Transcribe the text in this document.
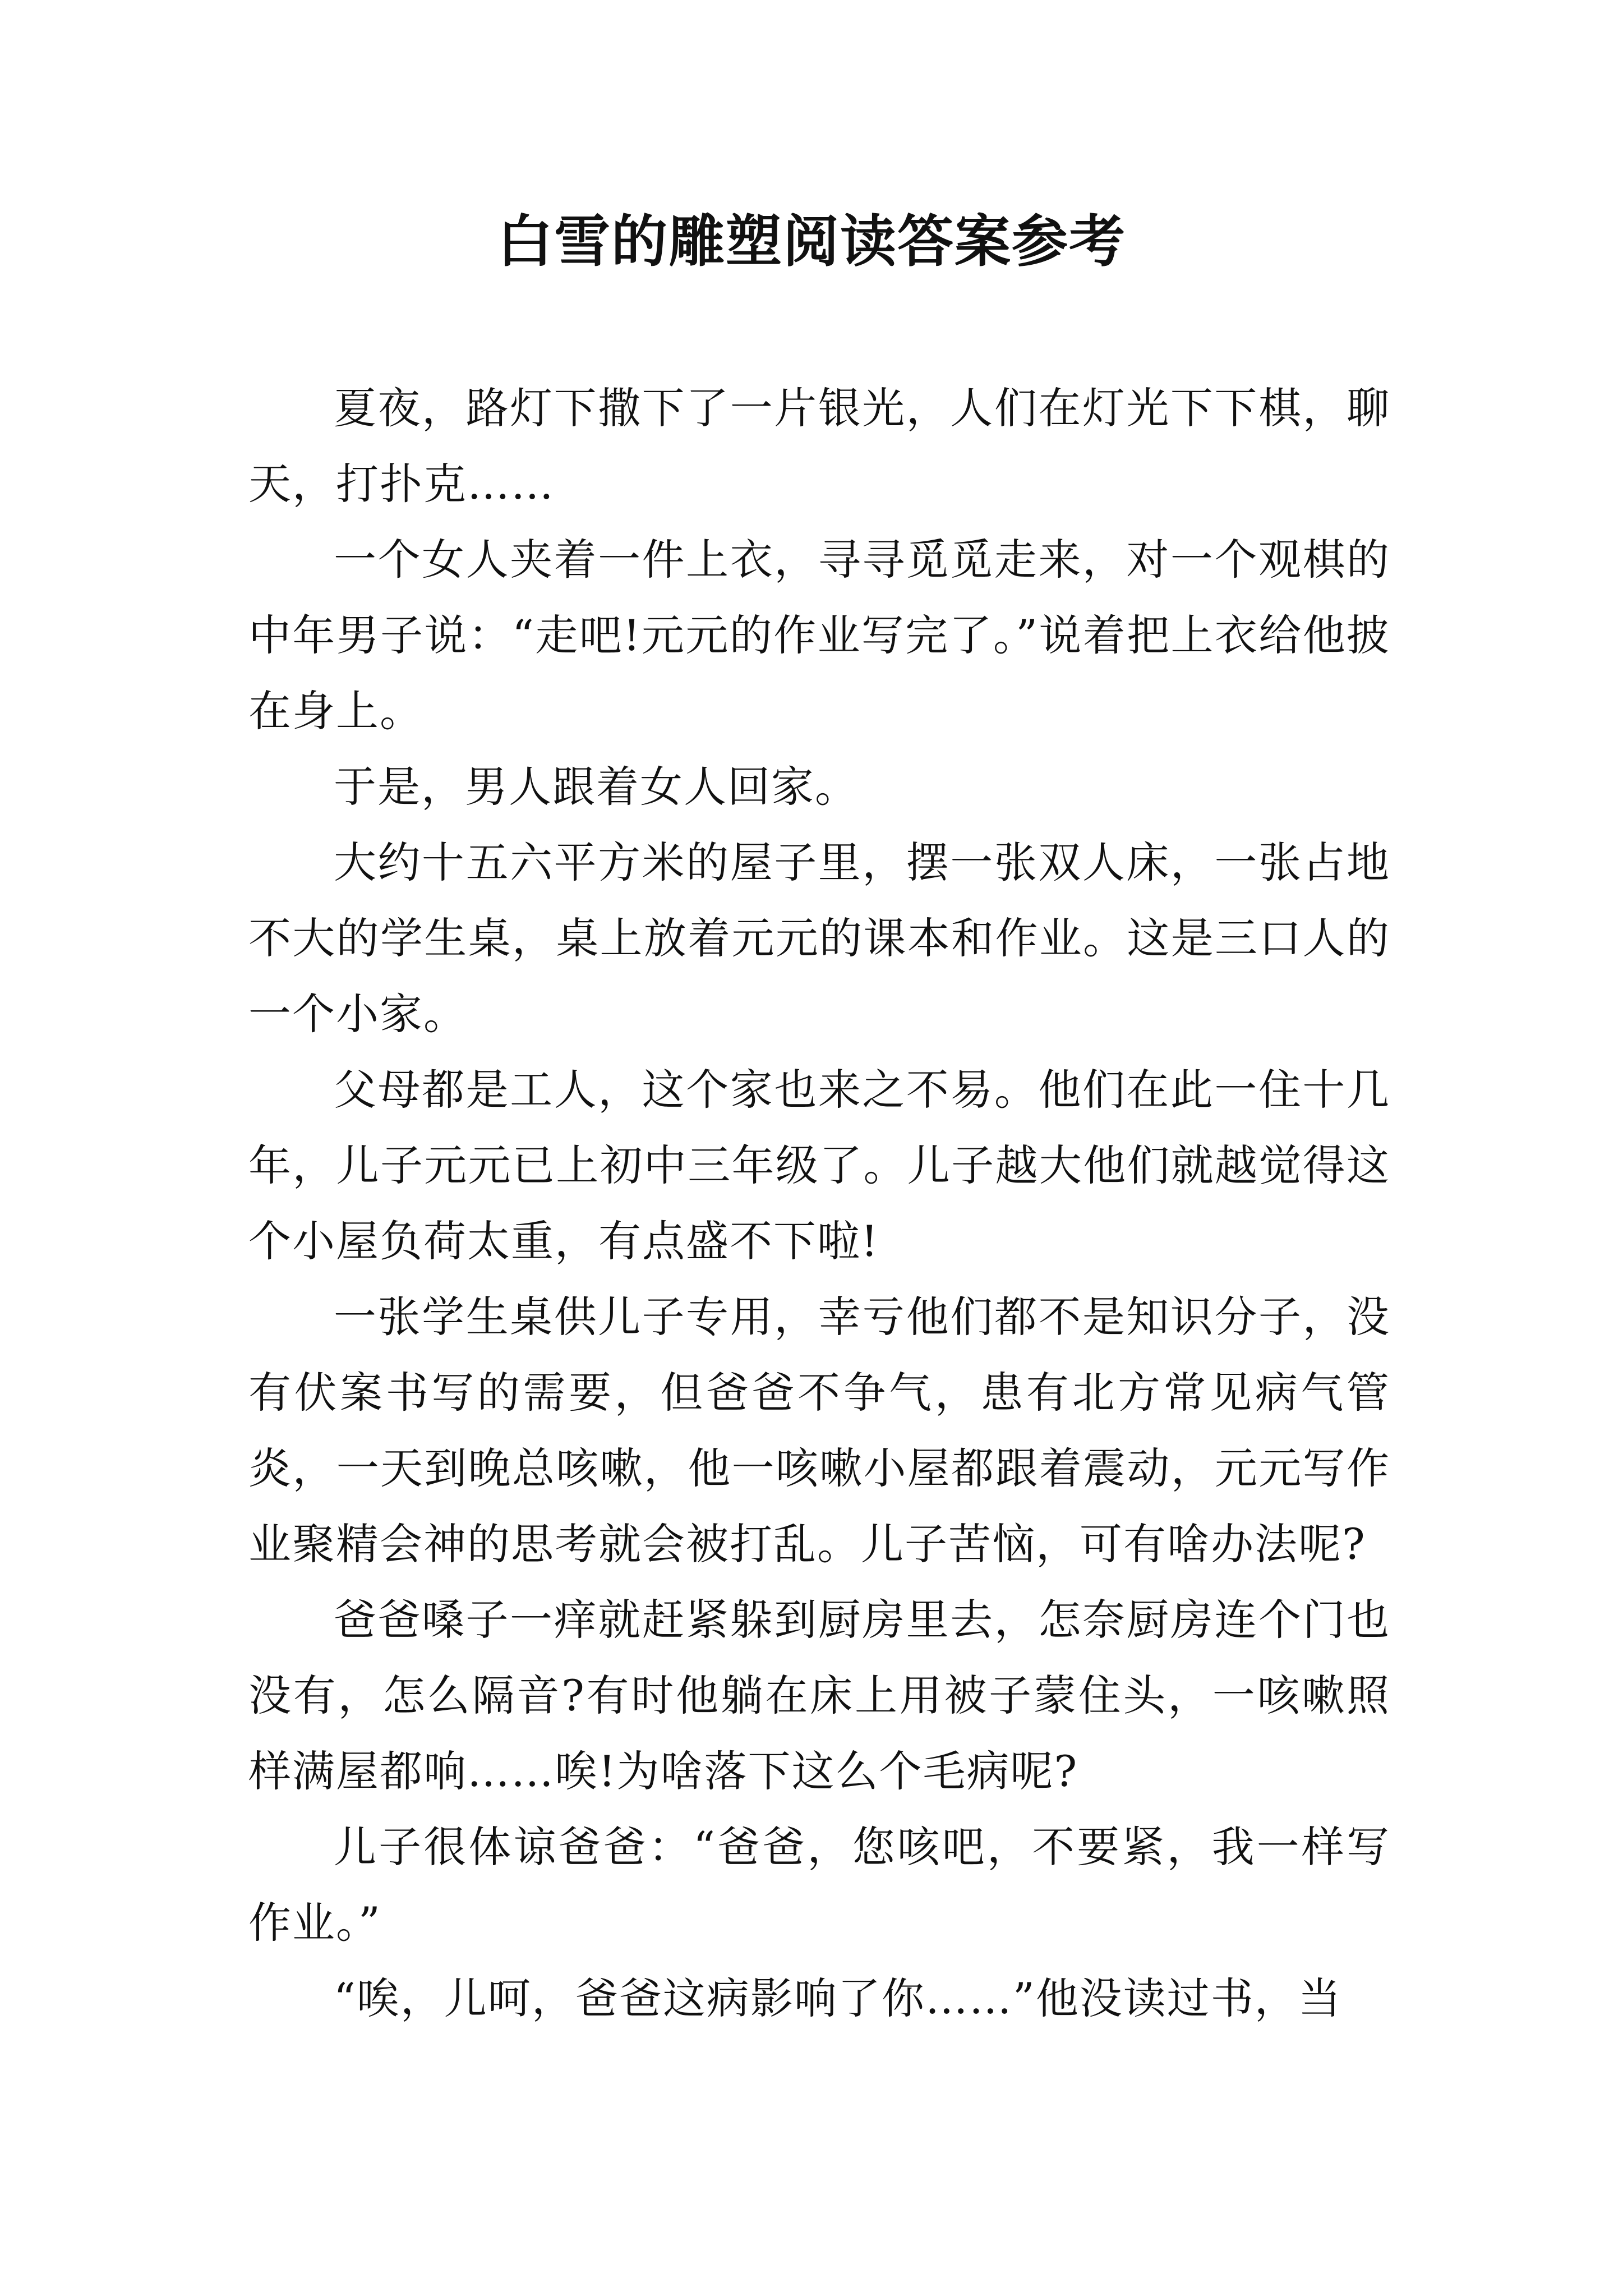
白雪的雕塑阅读答案参考

夏夜，路灯下撒下了一片银光，人们在灯光下下棋，聊天，打扑克……

一个女人夹着一件上衣，寻寻觅觅走来，对一个观棋的中年男子说：“走吧!元元的作业写完了。”说着把上衣给他披在身上。

于是，男人跟着女人回家。

大约十五六平方米的屋子里，摆一张双人床，一张占地不大的学生桌，桌上放着元元的课本和作业。这是三口人的一个小家。

父母都是工人，这个家也来之不易。他们在此一住十几年，儿子元元已上初中三年级了。儿子越大他们就越觉得这个小屋负荷太重，有点盛不下啦!

一张学生桌供儿子专用，幸亏他们都不是知识分子，没有伏案书写的需要，但爸爸不争气，患有北方常见病气管炎，一天到晚总咳嗽，他一咳嗽小屋都跟着震动，元元写作业聚精会神的思考就会被打乱。儿子苦恼，可有啥办法呢?

爸爸嗓子一痒就赶紧躲到厨房里去，怎奈厨房连个门也没有，怎么隔音?有时他躺在床上用被子蒙住头，一咳嗽照样满屋都响……唉!为啥落下这么个毛病呢?

儿子很体谅爸爸：“爸爸，您咳吧，不要紧，我一样写作业。”

“唉，儿呵，爸爸这病影响了你……”他没读过书，当
